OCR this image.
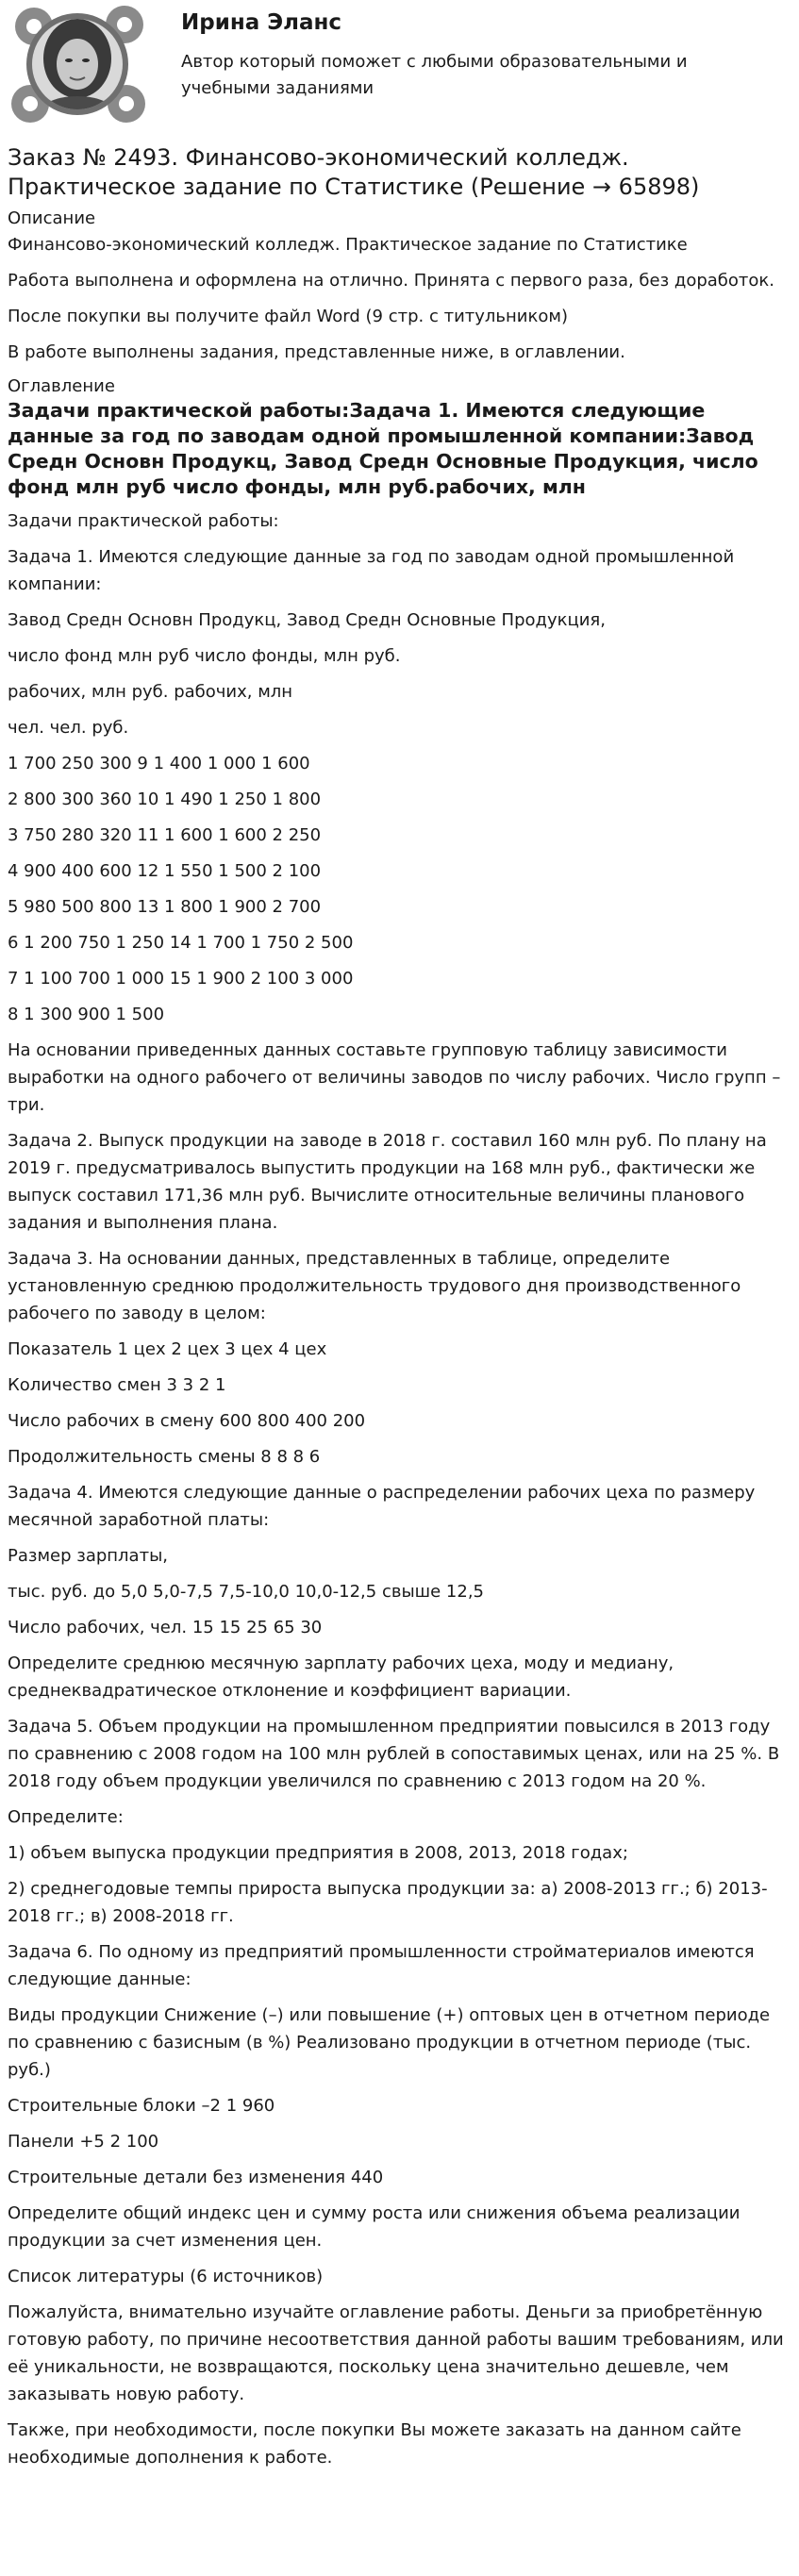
Ирина Эланс

Автор который поможет с любыми образовательными и учебными заданиями

Заказ № 2493. Финансово-экономический колледж. Практическое задание по Статистике (Решение → 65898)

Описание

Финансово-экономический колледж. Практическое задание по Статистике

Работа выполнена и оформлена на отлично. Принята с первого раза, без доработок.

После покупки вы получите файл Word (9 стр. с титульником)

В работе выполнены задания, представленные ниже, в оглавлении.

Оглавление

Задачи практической работы:Задача 1. Имеются следующие данные за год по заводам одной промышленной компании:Завод Средн Основн Продукц, Завод Средн Основные Продукция, число фонд млн руб число фонды, млн руб.рабочих, млн

Задачи практической работы:

Задача 1. Имеются следующие данные за год по заводам одной промышленной компании:

Завод Средн Основн Продукц, Завод Средн Основные Продукция,

число фонд млн руб число фонды, млн руб.

рабочих, млн руб. рабочих, млн

чел. чел. руб.

1 700 250 300 9 1 400 1 000 1 600

2 800 300 360 10 1 490 1 250 1 800

3 750 280 320 11 1 600 1 600 2 250

4 900 400 600 12 1 550 1 500 2 100

5 980 500 800 13 1 800 1 900 2 700

6 1 200 750 1 250 14 1 700 1 750 2 500

7 1 100 700 1 000 15 1 900 2 100 3 000

8 1 300 900 1 500

На основании приведенных данных составьте групповую таблицу зависимости выработки на одного рабочего от величины заводов по числу рабочих. Число групп – три.

Задача 2. Выпуск продукции на заводе в 2018 г. составил 160 млн руб. По плану на 2019 г. предусматривалось выпустить продукции на 168 млн руб., фактически же выпуск составил 171,36 млн руб. Вычислите относительные величины планового задания и выполнения плана.

Задача 3. На основании данных, представленных в таблице, определите установленную среднюю продолжительность трудового дня производственного рабочего по заводу в целом:

Показатель 1 цех 2 цех 3 цех 4 цех

Количество смен 3 3 2 1

Число рабочих в смену 600 800 400 200

Продолжительность смены 8 8 8 6

Задача 4. Имеются следующие данные о распределении рабочих цеха по размеру месячной заработной платы:

Размер зарплаты,

тыс. руб. до 5,0 5,0-7,5 7,5-10,0 10,0-12,5 свыше 12,5

Число рабочих, чел. 15 15 25 65 30

Определите среднюю месячную зарплату рабочих цеха, моду и медиану, среднеквадратическое отклонение и коэффициент вариации.

Задача 5. Объем продукции на промышленном предприятии повысился в 2013 году по сравнению с 2008 годом на 100 млн рублей в сопоставимых ценах, или на 25 %. В 2018 году объем продукции увеличился по сравнению с 2013 годом на 20 %.

Определите:

1) объем выпуска продукции предприятия в 2008, 2013, 2018 годах;

2) среднегодовые темпы прироста выпуска продукции за: а) 2008-2013 гг.; б) 2013-2018 гг.; в) 2008-2018 гг.

Задача 6. По одному из предприятий промышленности стройматериалов имеются следующие данные:

Виды продукции Снижение (–) или повышение (+) оптовых цен в отчетном периоде по сравнению с базисным (в %) Реализовано продукции в отчетном периоде (тыс. руб.)

Строительные блоки –2 1 960

Панели +5 2 100

Строительные детали без изменения 440

Определите общий индекс цен и сумму роста или снижения объема реализации продукции за счет изменения цен.

Список литературы (6 источников)

Пожалуйста, внимательно изучайте оглавление работы. Деньги за приобретённую готовую работу, по причине несоответствия данной работы вашим требованиям, или её уникальности, не возвращаются, поскольку цена значительно дешевле, чем заказывать новую работу.

Также, при необходимости, после покупки Вы можете заказать на данном сайте необходимые дополнения к работе.
